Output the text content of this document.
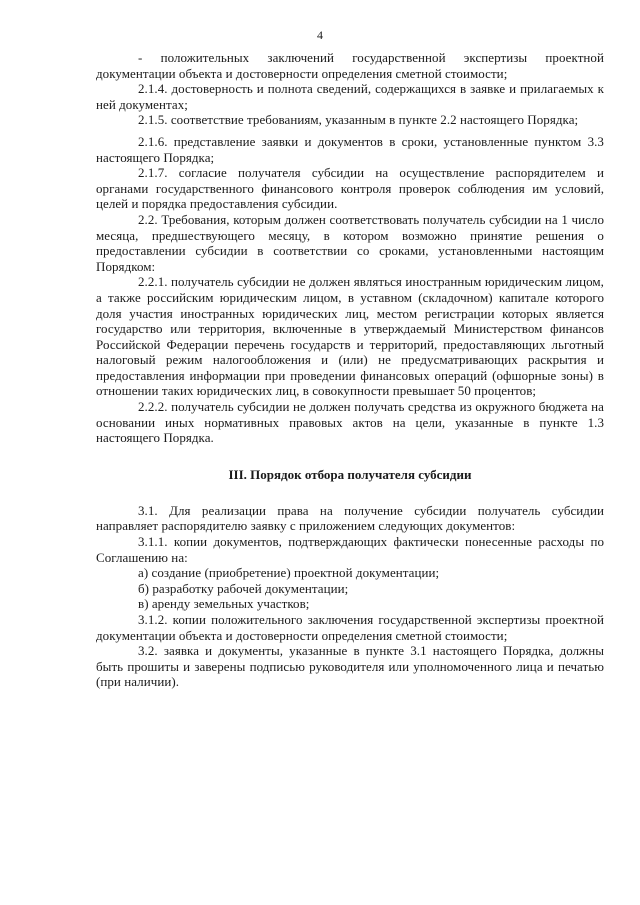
4

- положительных заключений государственной экспертизы проектной документации объекта и достоверности определения сметной стоимости;

2.1.4. достоверность и полнота сведений, содержащихся в заявке и прилагаемых к ней документах;

2.1.5. соответствие требованиям, указанным в пункте 2.2 настоящего Порядка;

2.1.6. представление заявки и документов в сроки, установленные пунктом 3.3 настоящего Порядка;

2.1.7. согласие получателя субсидии на осуществление распорядителем и органами государственного финансового контроля проверок соблюдения им условий, целей и порядка предоставления субсидии.

2.2. Требования, которым должен соответствовать получатель субсидии на 1 число месяца, предшествующего месяцу, в котором возможно принятие решения о предоставлении субсидии в соответствии со сроками, установленными настоящим Порядком:

2.2.1. получатель субсидии не должен являться иностранным юридическим лицом, а также российским юридическим лицом, в уставном (складочном) капитале которого доля участия иностранных юридических лиц, местом регистрации которых является государство или территория, включенные в утверждаемый Министерством финансов Российской Федерации перечень государств и территорий, предоставляющих льготный налоговый режим налогообложения и (или) не предусматривающих раскрытия и предоставления информации при проведении финансовых операций (офшорные зоны) в отношении таких юридических лиц, в совокупности превышает 50 процентов;

2.2.2. получатель субсидии не должен получать средства из окружного бюджета на основании иных нормативных правовых актов на цели, указанные в пункте 1.3 настоящего Порядка.

III. Порядок отбора получателя субсидии

3.1. Для реализации права на получение субсидии получатель субсидии направляет распорядителю заявку с приложением следующих документов:

3.1.1. копии документов, подтверждающих фактически понесенные расходы по Соглашению на:

а) создание (приобретение) проектной документации;

б) разработку рабочей документации;

в) аренду земельных участков;

3.1.2. копии положительного заключения государственной экспертизы проектной документации объекта и достоверности определения сметной стоимости;

3.2. заявка и документы, указанные в пункте 3.1 настоящего Порядка, должны быть прошиты и заверены подписью руководителя или уполномоченного лица и печатью (при наличии).
